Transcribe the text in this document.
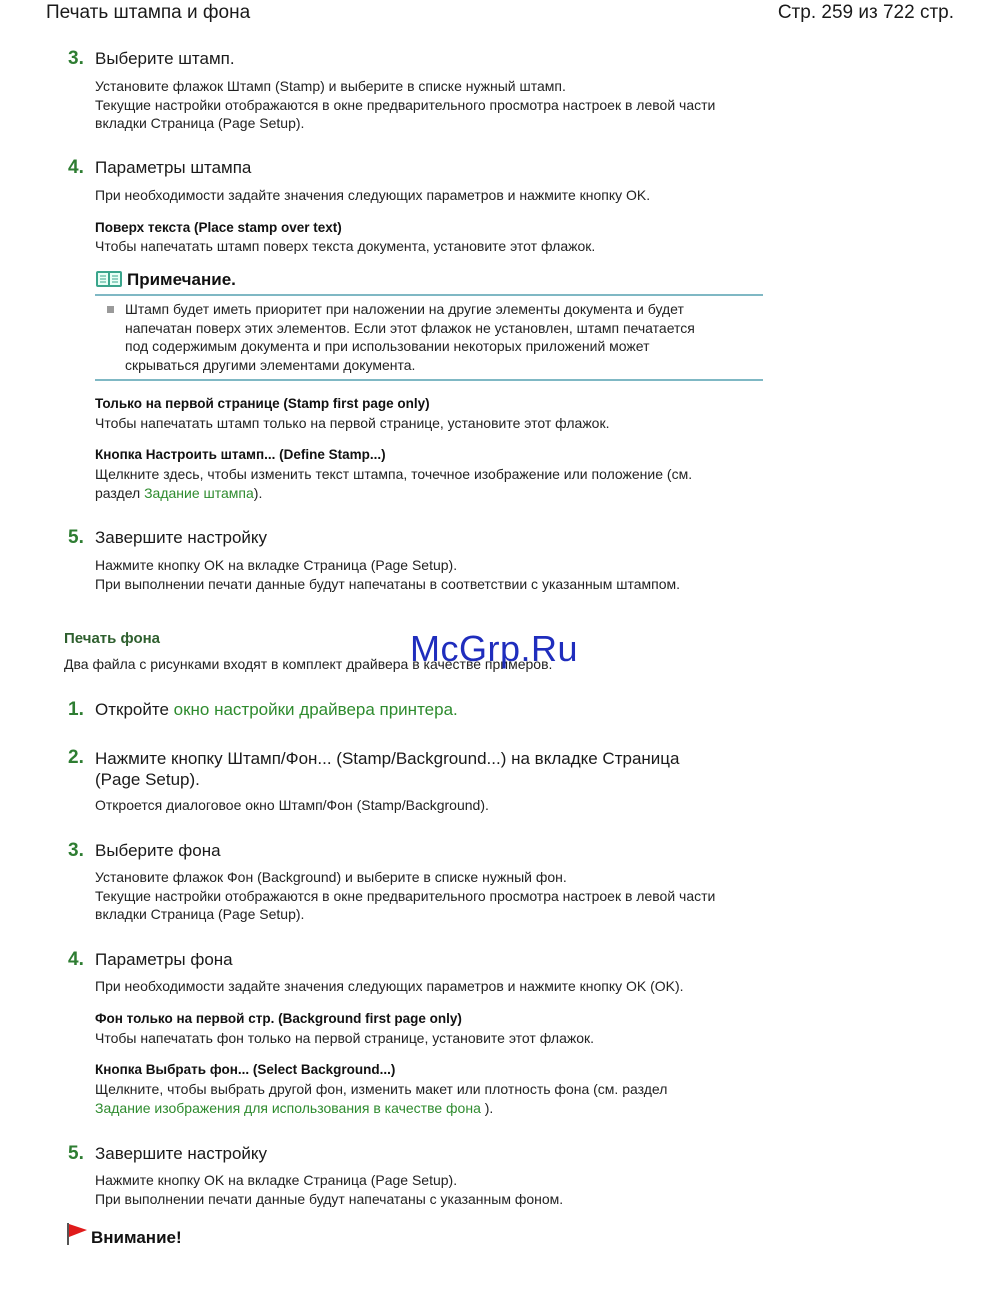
Печать штампа и фона	Стр. 259 из 722 стр.
3. Выберите штамп.
Установите флажок Штамп (Stamp) и выберите в списке нужный штамп.
Текущие настройки отображаются в окне предварительного просмотра настроек в левой части
вкладки Страница (Page Setup).
4. Параметры штампа
При необходимости задайте значения следующих параметров и нажмите кнопку OK.
Поверх текста (Place stamp over text)
Чтобы напечатать штамп поверх текста документа, установите этот флажок.
Примечание.
Штамп будет иметь приоритет при наложении на другие элементы документа и будет
напечатан поверх этих элементов. Если этот флажок не установлен, штамп печатается
под содержимым документа и при использовании некоторых приложений может
скрываться другими элементами документа.
Только на первой странице (Stamp first page only)
Чтобы напечатать штамп только на первой странице, установите этот флажок.
Кнопка Настроить штамп... (Define Stamp...)
Щелкните здесь, чтобы изменить текст штампа, точечное изображение или положение (см.
раздел Задание штампа).
5. Завершите настройку
Нажмите кнопку OK на вкладке Страница (Page Setup).
При выполнении печати данные будут напечатаны в соответствии с указанным штампом.
Печать фона
Два файла с рисунками входят в комплект драйвера в качестве примеров.
McGrp.Ru
1. Откройте окно настройки драйвера принтера.
2. Нажмите кнопку Штамп/Фон... (Stamp/Background...) на вкладке Страница
(Page Setup).
Откроется диалоговое окно Штамп/Фон (Stamp/Background).
3. Выберите фона
Установите флажок Фон (Background) и выберите в списке нужный фон.
Текущие настройки отображаются в окне предварительного просмотра настроек в левой части
вкладки Страница (Page Setup).
4. Параметры фона
При необходимости задайте значения следующих параметров и нажмите кнопку OK (OK).
Фон только на первой стр. (Background first page only)
Чтобы напечатать фон только на первой странице, установите этот флажок.
Кнопка Выбрать фон... (Select Background...)
Щелкните, чтобы выбрать другой фон, изменить макет или плотность фона (см. раздел
Задание изображения для использования в качестве фона ).
5. Завершите настройку
Нажмите кнопку OK на вкладке Страница (Page Setup).
При выполнении печати данные будут напечатаны с указанным фоном.
Внимание!
